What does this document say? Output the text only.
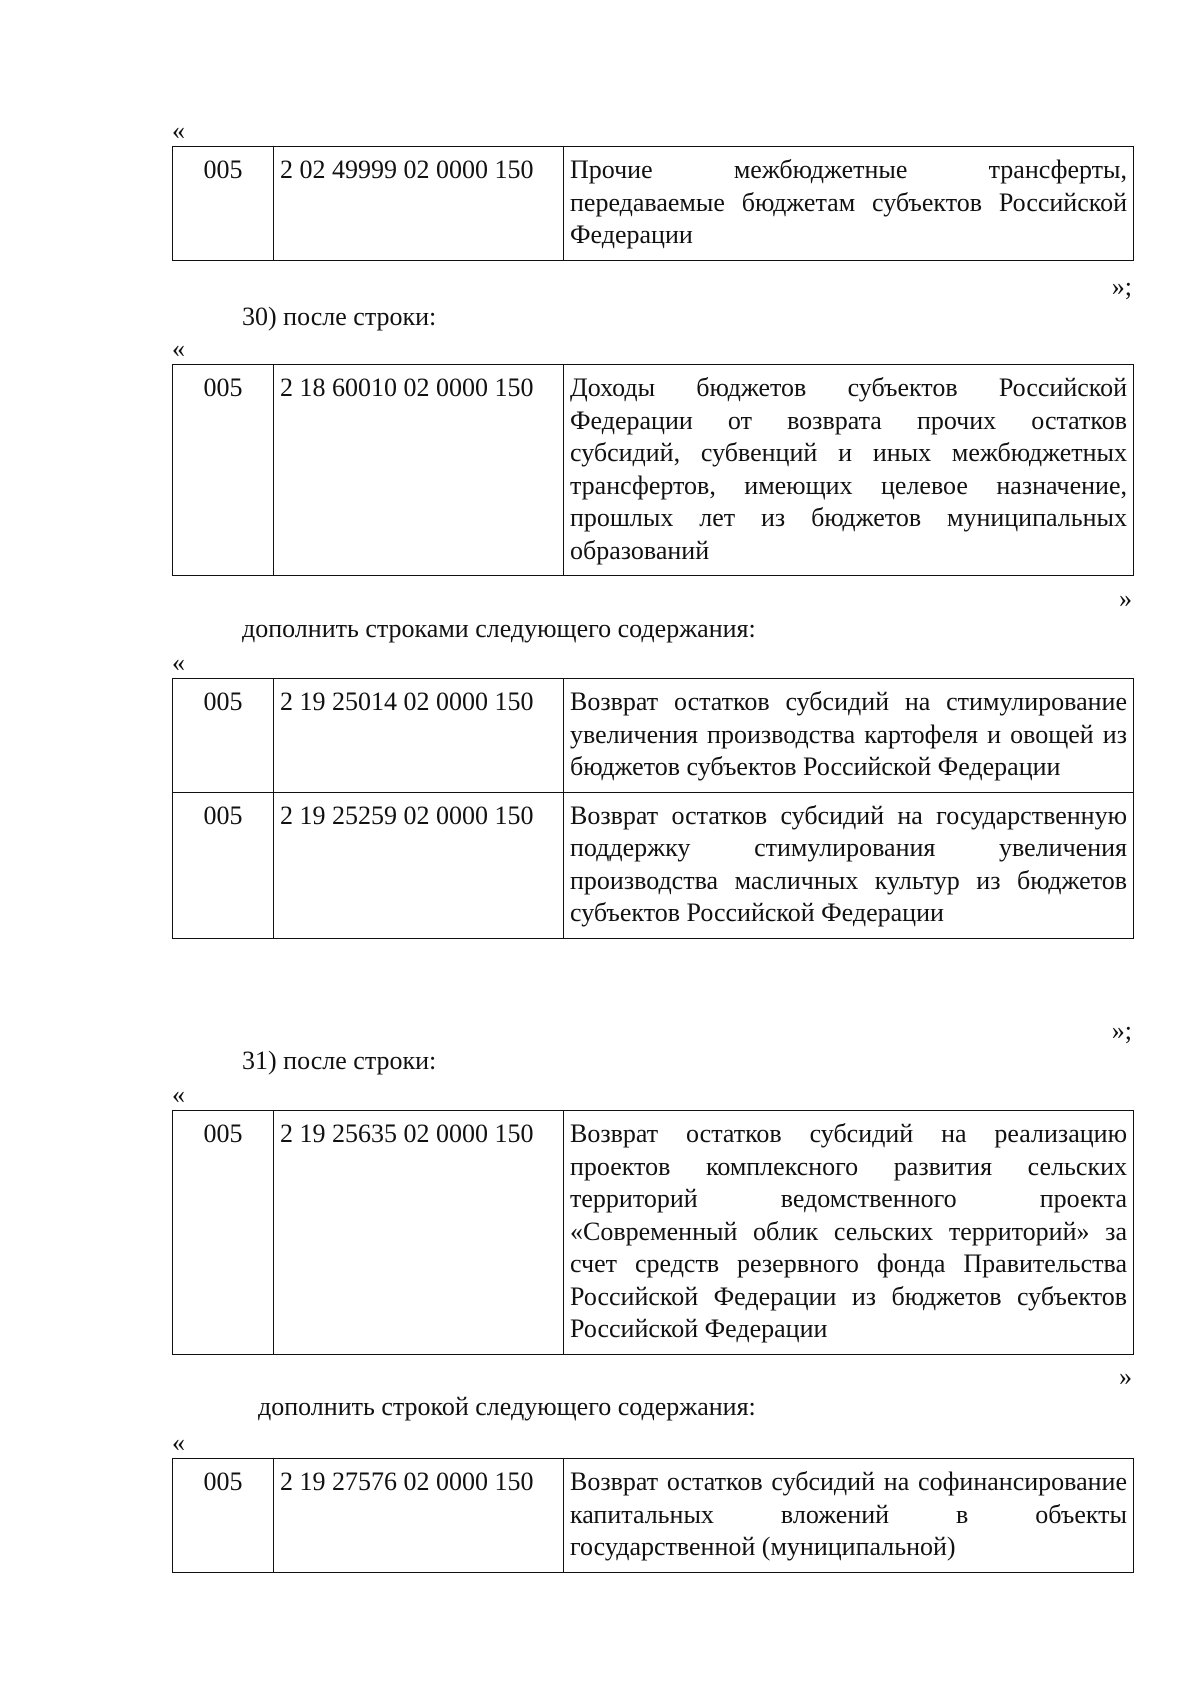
«
005	2 02 49999 02 0000 150	Прочие межбюджетные трансферты, передаваемые бюджетам субъектов Российской Федерации
»;
30) после строки:
«
005	2 18 60010 02 0000 150	Доходы бюджетов субъектов Российской Федерации от возврата прочих остатков субсидий, субвенций и иных межбюджетных трансфертов, имеющих целевое назначение, прошлых лет из бюджетов муниципальных образований
»
дополнить строками следующего содержания:
«
005	2 19 25014 02 0000 150	Возврат остатков субсидий на стимулирование увеличения производства картофеля и овощей из бюджетов субъектов Российской Федерации
005	2 19 25259 02 0000 150	Возврат остатков субсидий на государственную поддержку стимулирования увеличения производства масличных культур из бюджетов субъектов Российской Федерации
»;
31) после строки:
«
005	2 19 25635 02 0000 150	Возврат остатков субсидий на реализацию проектов комплексного развития сельских территорий ведомственного проекта «Современный облик сельских территорий» за счет средств резервного фонда Правительства Российской Федерации из бюджетов субъектов Российской Федерации
»
дополнить строкой следующего содержания:
«
005	2 19 27576 02 0000 150	Возврат остатков субсидий на софинансирование капитальных вложений в объекты государственной (муниципальной)
